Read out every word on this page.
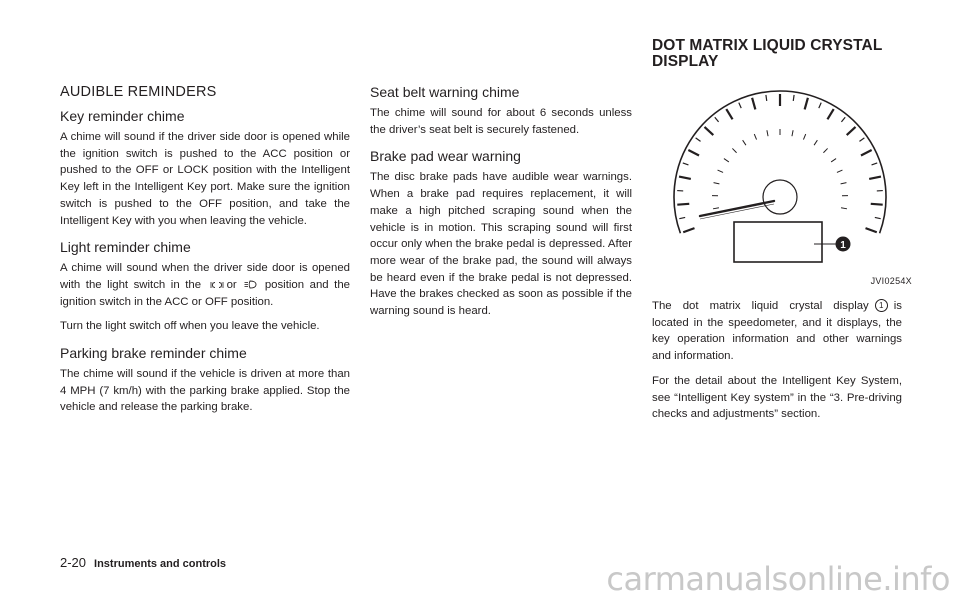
DOT MATRIX LIQUID CRYSTAL DISPLAY
AUDIBLE REMINDERS
Key reminder chime

A chime will sound if the driver side door is opened while the ignition switch is pushed to the ACC position or pushed to the OFF or LOCK position with the Intelligent Key left in the Intelligent Key port. Make sure the ignition switch is pushed to the OFF position, and take the Intelligent Key with you when leaving the vehicle.

Light reminder chime

A chime will sound when the driver side door is opened with the light switch in the or position and the ignition switch in the ACC or OFF position.

Turn the light switch off when you leave the vehicle.

Parking brake reminder chime

The chime will sound if the vehicle is driven at more than 4 MPH (7 km/h) with the parking brake applied. Stop the vehicle and release the parking brake.

Seat belt warning chime

The chime will sound for about 6 seconds unless the driver’s seat belt is securely fastened.

Brake pad wear warning

The disc brake pads have audible wear warnings. When a brake pad requires replacement, it will make a high pitched scraping sound when the vehicle is in motion. This scraping sound will first occur only when the brake pedal is depressed. After more wear of the brake pad, the sound will always be heard even if the brake pedal is not depressed. Have the brakes checked as soon as possible if the warning sound is heard.

1
JVI0254X

The dot matrix liquid crystal display 1 is located in the speedometer, and it displays, the key operation information and other warnings and information.

For the detail about the Intelligent Key System, see “Intelligent Key system” in the “3. Pre-driving checks and adjustments” section.

2-20 Instruments and controls	carmanualsonline.info
